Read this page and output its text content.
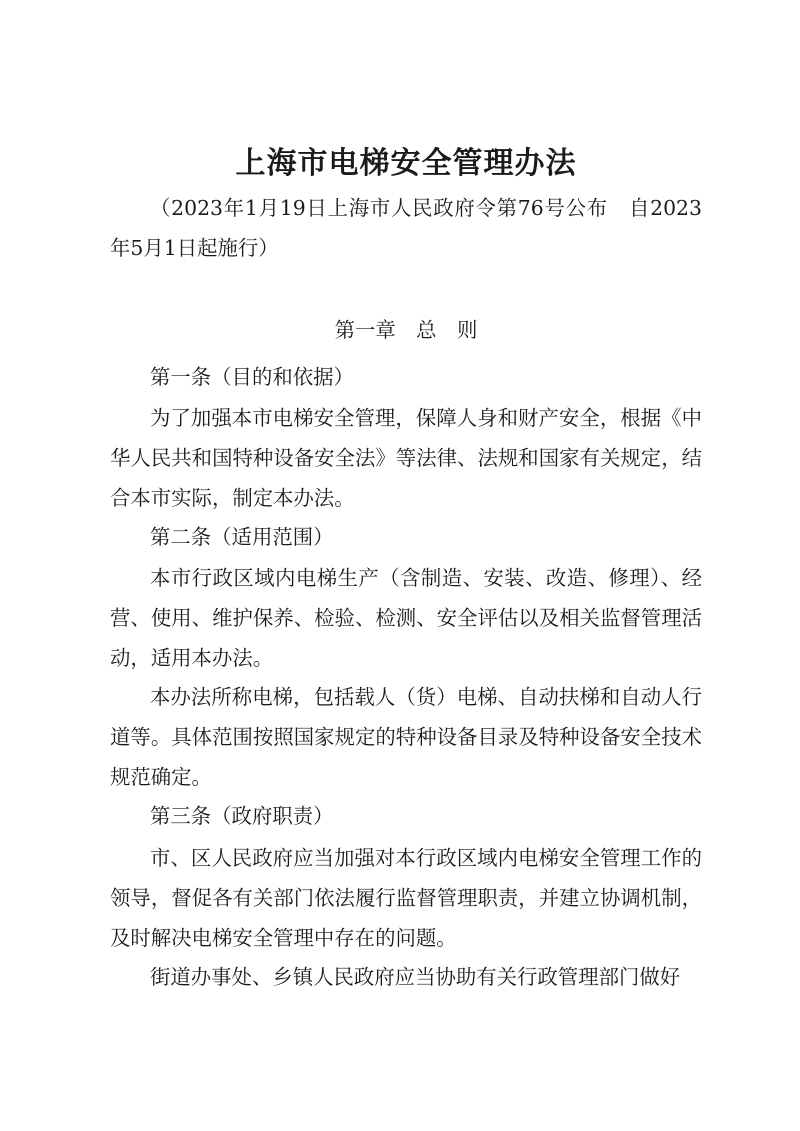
上海市电梯安全管理办法

（2023年1月19日上海市人民政府令第76号公布　自2023年5月1日起施行）

第一章　总　则

第一条（目的和依据）

为了加强本市电梯安全管理，保障人身和财产安全，根据《中华人民共和国特种设备安全法》等法律、法规和国家有关规定，结合本市实际，制定本办法。

第二条（适用范围）

本市行政区域内电梯生产（含制造、安装、改造、修理）、经营、使用、维护保养、检验、检测、安全评估以及相关监督管理活动，适用本办法。

本办法所称电梯，包括载人（货）电梯、自动扶梯和自动人行道等。具体范围按照国家规定的特种设备目录及特种设备安全技术规范确定。

第三条（政府职责）

市、区人民政府应当加强对本行政区域内电梯安全管理工作的领导，督促各有关部门依法履行监督管理职责，并建立协调机制，及时解决电梯安全管理中存在的问题。

街道办事处、乡镇人民政府应当协助有关行政管理部门做好
